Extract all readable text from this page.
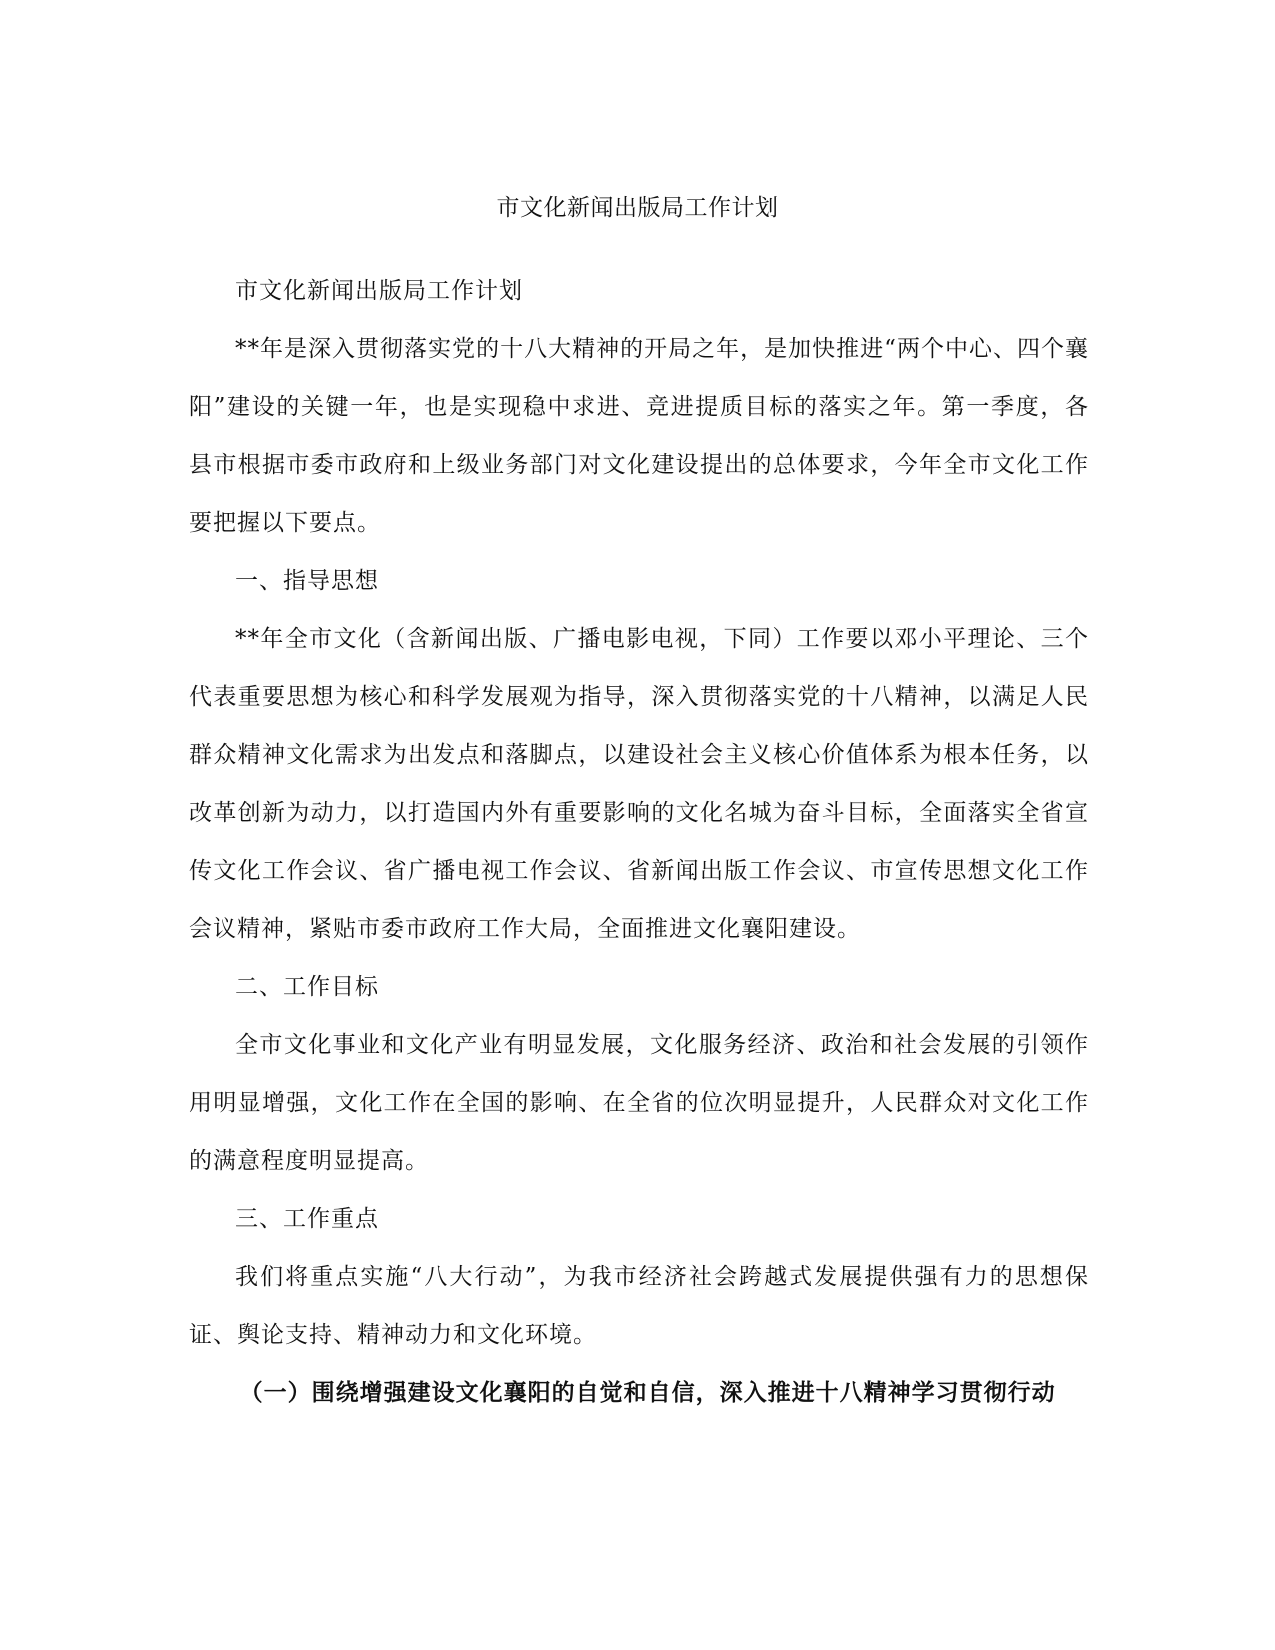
市文化新闻出版局工作计划

市文化新闻出版局工作计划

**年是深入贯彻落实党的十八大精神的开局之年，是加快推进“两个中心、四个襄阳”建设的关键一年，也是实现稳中求进、竞进提质目标的落实之年。第一季度，各县市根据市委市政府和上级业务部门对文化建设提出的总体要求，今年全市文化工作要把握以下要点。

一、指导思想

**年全市文化（含新闻出版、广播电影电视，下同）工作要以邓小平理论、三个代表重要思想为核心和科学发展观为指导，深入贯彻落实党的十八精神，以满足人民群众精神文化需求为出发点和落脚点，以建设社会主义核心价值体系为根本任务，以改革创新为动力，以打造国内外有重要影响的文化名城为奋斗目标，全面落实全省宣传文化工作会议、省广播电视工作会议、省新闻出版工作会议、市宣传思想文化工作会议精神，紧贴市委市政府工作大局，全面推进文化襄阳建设。

二、工作目标

全市文化事业和文化产业有明显发展，文化服务经济、政治和社会发展的引领作用明显增强，文化工作在全国的影响、在全省的位次明显提升，人民群众对文化工作的满意程度明显提高。

三、工作重点

我们将重点实施“八大行动”，为我市经济社会跨越式发展提供强有力的思想保证、舆论支持、精神动力和文化环境。

（一）围绕增强建设文化襄阳的自觉和自信，深入推进十八精神学习贯彻行动
